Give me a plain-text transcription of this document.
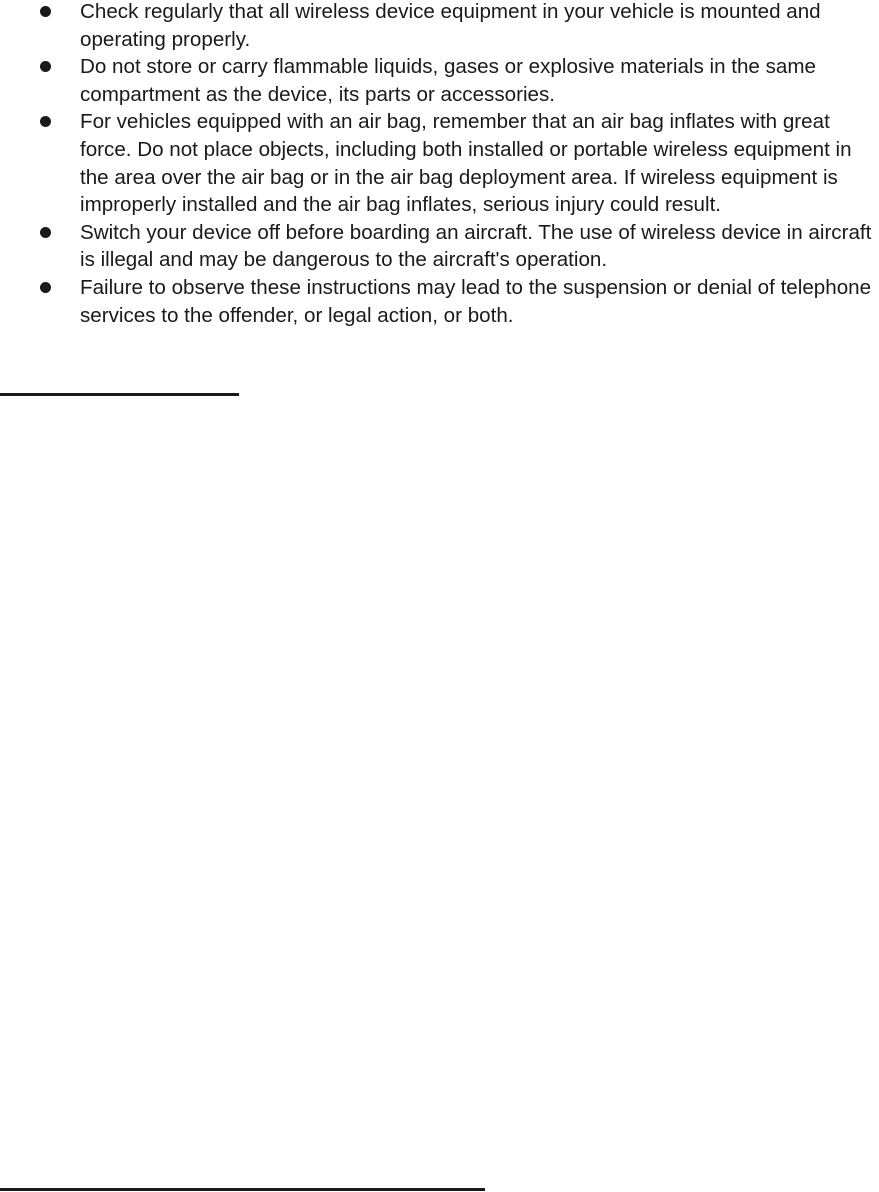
Check regularly that all wireless device equipment in your vehicle is mounted and operating properly.
Do not store or carry flammable liquids, gases or explosive materials in the same compartment as the device, its parts or accessories.
For vehicles equipped with an air bag, remember that an air bag inflates with great force. Do not place objects, including both installed or portable wireless equipment in the area over the air bag or in the air bag deployment area. If wireless equipment is improperly installed and the air bag inflates, serious injury could result.
Switch your device off before boarding an aircraft. The use of wireless device in aircraft is illegal and may be dangerous to the aircraft's operation.
Failure to observe these instructions may lead to the suspension or denial of telephone services to the offender, or legal action, or both.
